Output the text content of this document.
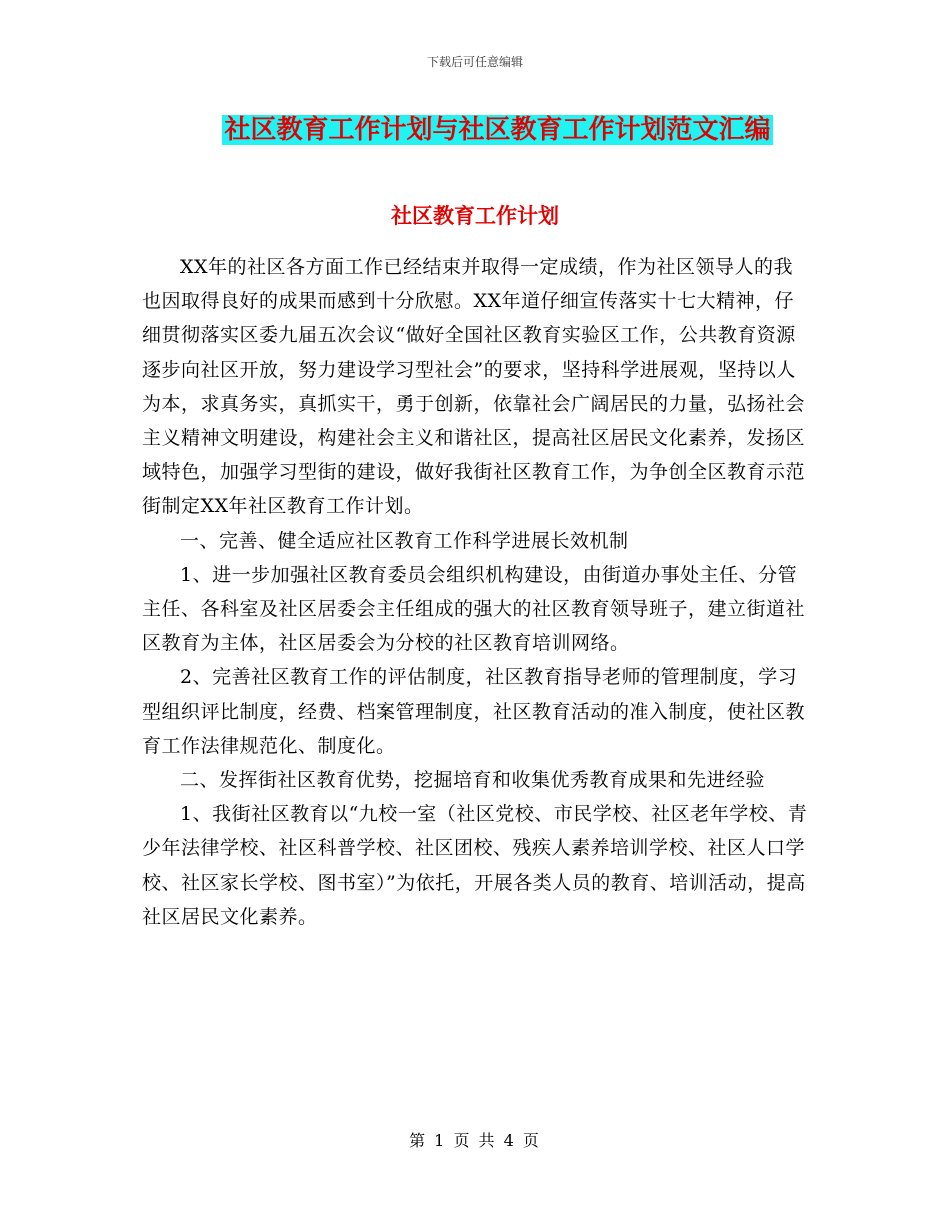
下载后可任意编辑
社区教育工作计划与社区教育工作计划范文汇编
社区教育工作计划

XX年的社区各方面工作已经结束并取得一定成绩，作为社区领导人的我也因取得良好的成果而感到十分欣慰。XX年道仔细宣传落实十七大精神，仔细贯彻落实区委九届五次会议“做好全国社区教育实验区工作，公共教育资源逐步向社区开放，努力建设学习型社会”的要求，坚持科学进展观，坚持以人为本，求真务实，真抓实干，勇于创新，依靠社会广阔居民的力量，弘扬社会主义精神文明建设，构建社会主义和谐社区，提高社区居民文化素养，发扬区域特色，加强学习型街的建设，做好我街社区教育工作，为争创全区教育示范街制定XX年社区教育工作计划。

一、完善、健全适应社区教育工作科学进展长效机制

1、进一步加强社区教育委员会组织机构建设，由街道办事处主任、分管主任、各科室及社区居委会主任组成的强大的社区教育领导班子，建立街道社区教育为主体，社区居委会为分校的社区教育培训网络。

2、完善社区教育工作的评估制度，社区教育指导老师的管理制度，学习型组织评比制度，经费、档案管理制度，社区教育活动的准入制度，使社区教育工作法律规范化、制度化。

二、发挥街社区教育优势，挖掘培育和收集优秀教育成果和先进经验

1、我街社区教育以“九校一室（社区党校、市民学校、社区老年学校、青少年法律学校、社区科普学校、社区团校、残疾人素养培训学校、社区人口学校、社区家长学校、图书室）”为依托，开展各类人员的教育、培训活动，提高社区居民文化素养。

第 1 页 共 4 页
